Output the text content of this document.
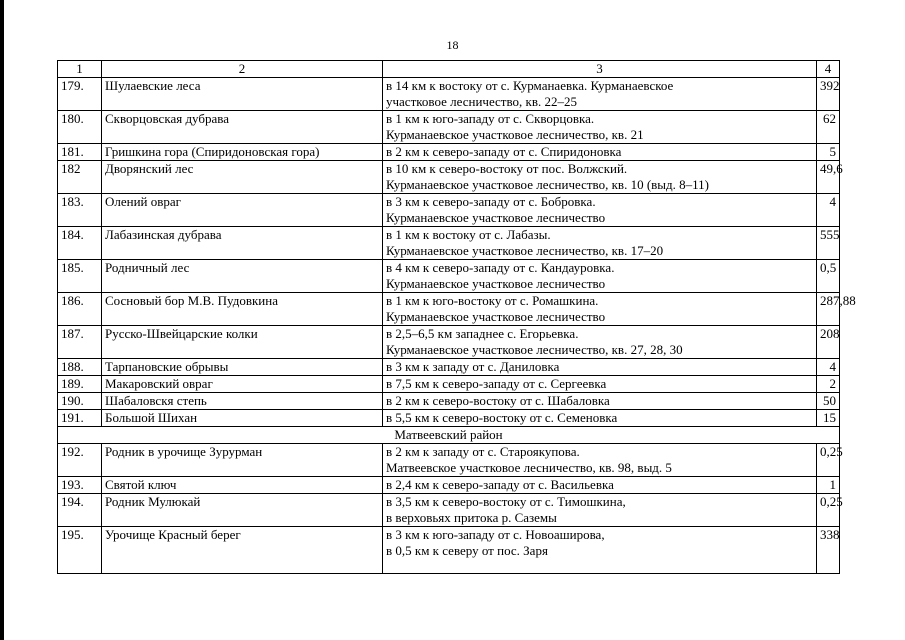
18
1	2	3	4
179.	Шулаевские леса	в 14 км к востоку от с. Курманаевка. Курманаевское
участковое лесничество, кв. 22–25	392
180.	Скворцовская дубрава	в 1 км к юго-западу от с. Скворцовка.
Курманаевское участковое лесничество, кв. 21	62
181.	Гришкина гора (Спиридоновская гора)	в 2 км к северо-западу от с. Спиридоновка	5
182	Дворянский лес	в 10 км к северо-востоку от пос. Волжский.
Курманаевское участковое лесничество, кв. 10 (выд. 8–11)	49,6
183.	Олений овраг	в 3 км к северо-западу от с. Бобровка.
Курманаевское участковое лесничество	4
184.	Лабазинская дубрава	в 1 км к востоку от с. Лабазы.
Курманаевское участковое лесничество, кв. 17–20	555
185.	Родничный лес	в 4 км к северо-западу от с. Кандауровка.
Курманаевское участковое лесничество	0,5
186.	Сосновый бор М.В. Пудовкина	в 1 км к юго-востоку от с. Ромашкина.
Курманаевское участковое лесничество	287,88
187.	Русско-Швейцарские колки	в 2,5–6,5 км западнее с. Егорьевка.
Курманаевское участковое лесничество, кв. 27, 28, 30	208
188.	Тарпановские обрывы	в 3 км к западу от с. Даниловка	4
189.	Макаровский овраг	в 7,5 км к северо-западу от с. Сергеевка	2
190.	Шабаловскя степь	в 2 км к северо-востоку от с. Шабаловка	50
191.	Большой Шихан	в 5,5 км к северо-востоку от с. Семеновка	15
Матвеевский район			
192.	Родник в урочище Зурурман	в 2 км к западу от с. Староякупова.
Матвеевское участковое лесничество, кв. 98, выд. 5	0,25
193.	Святой ключ	в 2,4 км к северо-западу от с. Васильевка	1
194.	Родник Мулюкай	в 3,5 км к северо-востоку от с. Тимошкина,
в верховьях притока р. Саземы	0,25
195.	Урочище Красный берег	в 3 км к юго-западу от с. Новоаширова,
в 0,5 км к северу от пос. Заря	338
